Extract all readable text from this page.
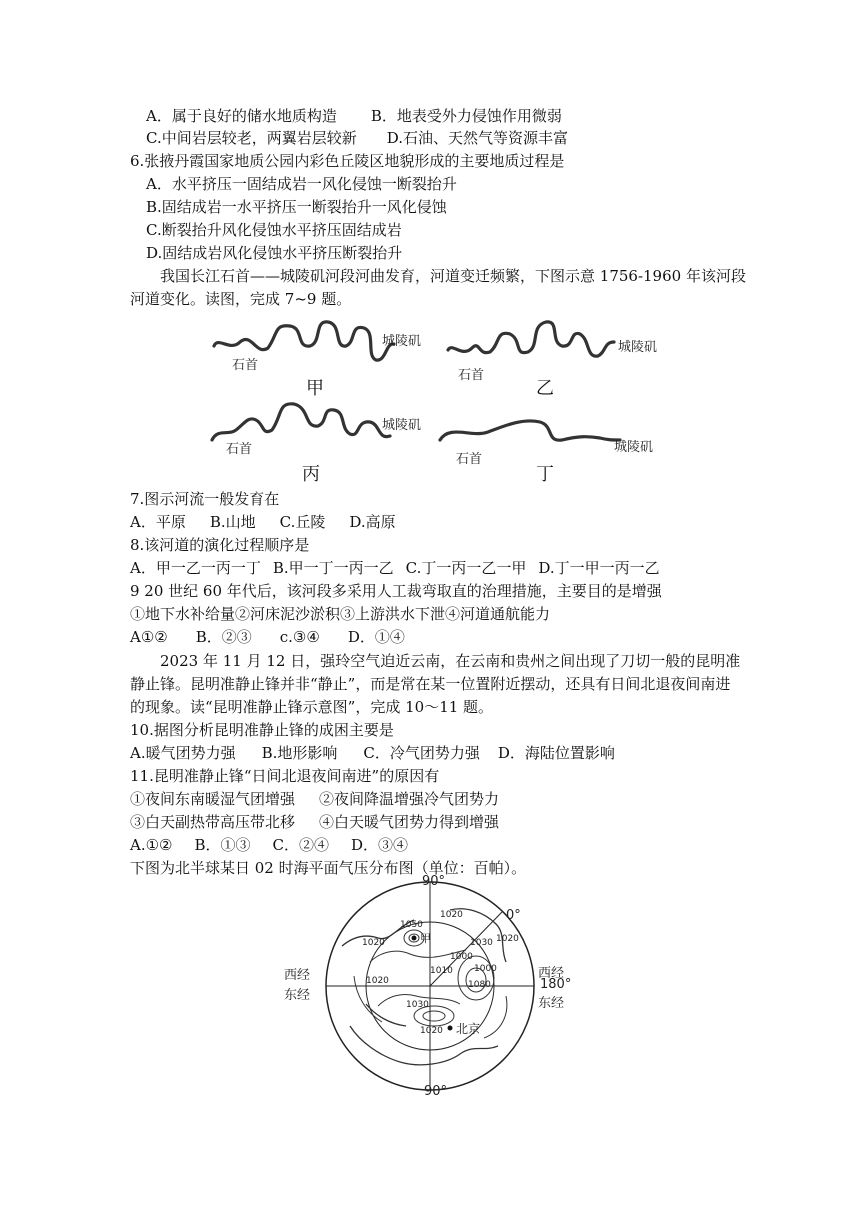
A．属于良好的储水地质构造 B．地表受外力侵蚀作用微弱
C.中间岩层较老，两翼岩层较新 D.石油、天然气等资源丰富
6.张掖丹霞国家地质公园内彩色丘陵区地貌形成的主要地质过程是
A．水平挤压一固结成岩一风化侵蚀一断裂抬升
B.固结成岩一水平挤压一断裂抬升一风化侵蚀
C.断裂抬升风化侵蚀水平挤压固结成岩
D.固结成岩风化侵蚀水平挤压断裂抬升
我国长江石首——城陵矶河段河曲发育，河道变迁频繁，下图示意 1756-1960 年该河段
河道变化。读图，完成 7~9 题。
石首
城陵矶
甲
石首
城陵矶
乙
石首
城陵矶
丙
石首
城陵矶
丁
7.图示河流一般发育在
A．平原 B.山地 C.丘陵 D.高原
8.该河道的演化过程顺序是
A．甲一乙一丙一丁 B.甲一丁一丙一乙 C.丁一丙一乙一甲 D.丁一甲一丙一乙
9 20 世纪 60 年代后，该河段多采用人工裁弯取直的治理措施，主要目的是增强
①地下水补给量②河床泥沙淤积③上游洪水下泄④河道通航能力
A①② B．②③ c.③④ D．①④
2023 年 11 月 12 日，强玲空气迫近云南，在云南和贵州之间出现了刀切一般的昆明准
静止锋。昆明准静止锋并非“静止”，而是常在某一位置附近摆动，还具有日间北退夜间南进
的现象。读“昆明准静止锋示意图”，完成 10～11 题。
10.据图分析昆明准静止锋的成困主要是
A.暖气团势力强 B.地形影响 C．冷气团势力强 D．海陆位置影响
11.昆明准静止锋“日间北退夜间南进”的原因有
①夜间东南暖湿气团增强 ②夜间降温增强冷气团势力
③白天副热带高压带北移 ④白天暖气团势力得到增强
A.①② B．①③ C．②④ D．③④
下图为北半球某日 02 时海平面气压分布图（单位：百帕）。
90°
90°
0°
西经
东经
西经
180°
东经
北京
甲
1020
1020	1020
1000
1030
1000
1050
1010
1080
1020
1020
1030
